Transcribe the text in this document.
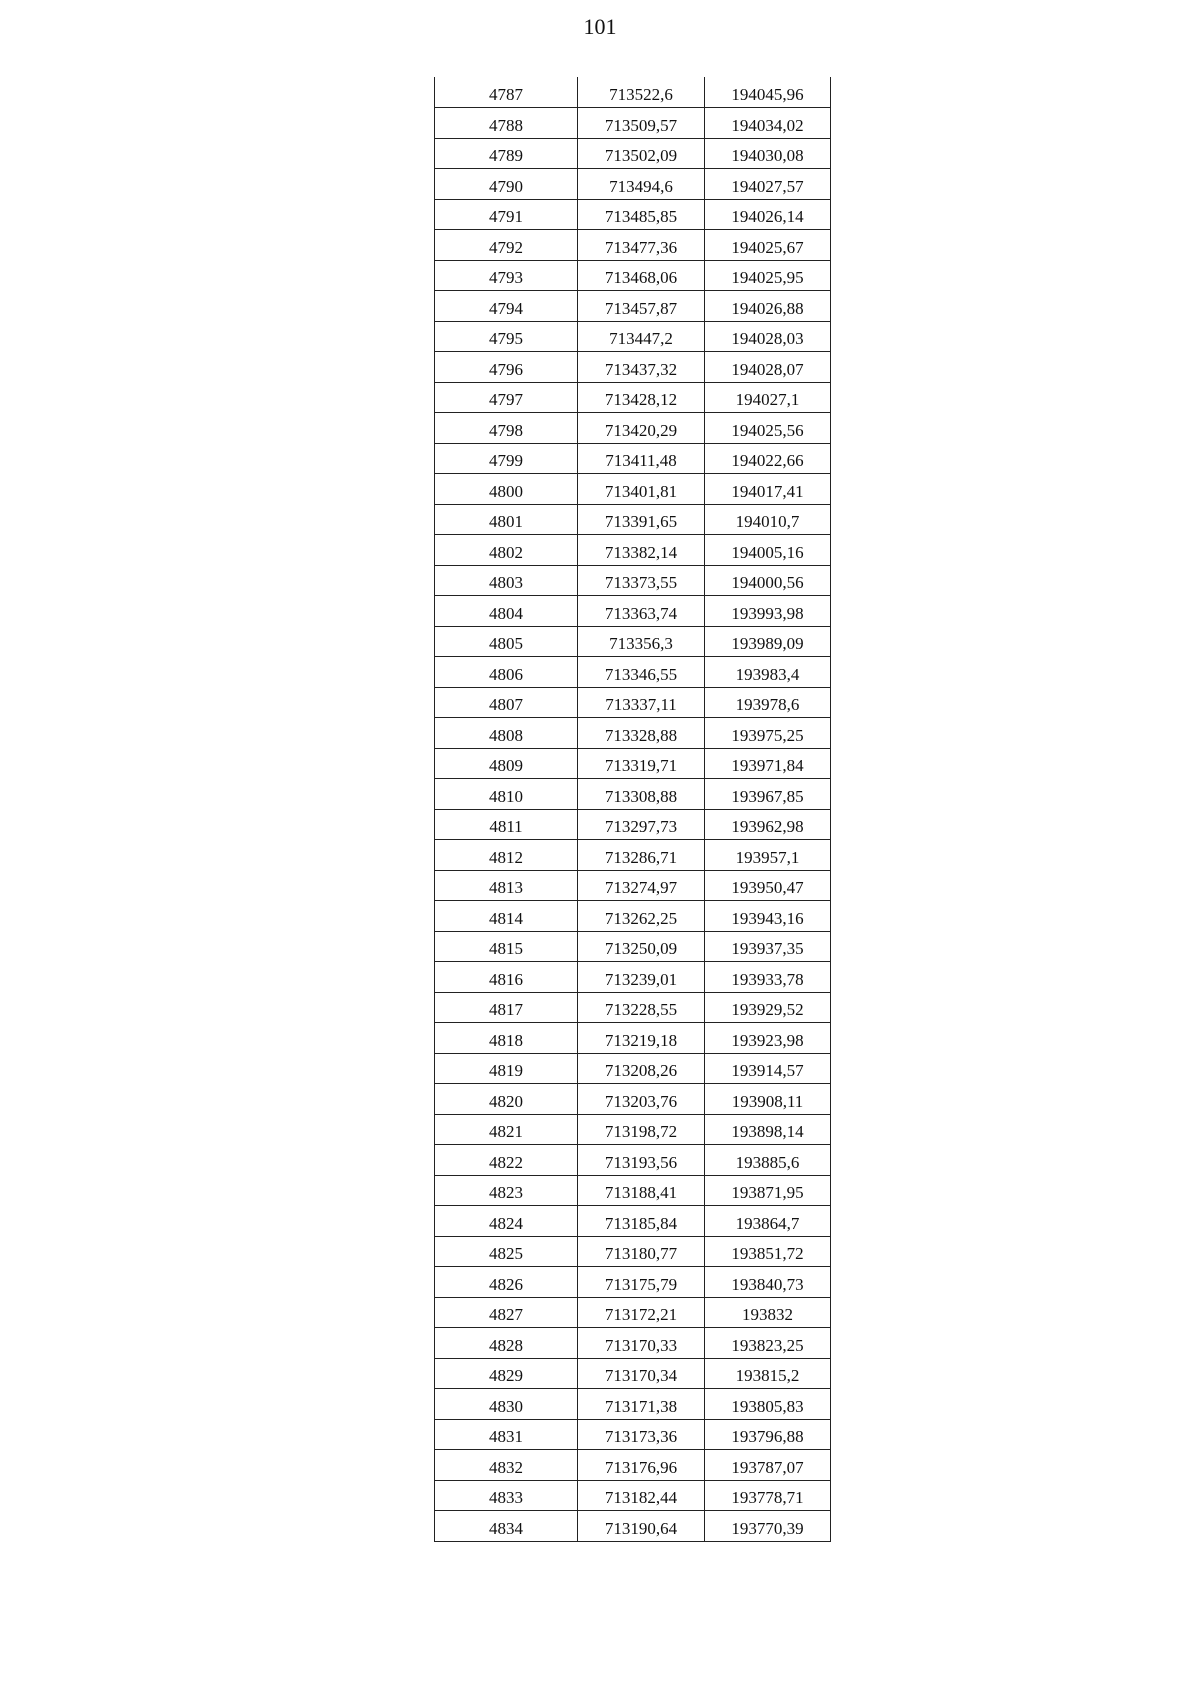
101
4787	713522,6	194045,96
4788	713509,57	194034,02
4789	713502,09	194030,08
4790	713494,6	194027,57
4791	713485,85	194026,14
4792	713477,36	194025,67
4793	713468,06	194025,95
4794	713457,87	194026,88
4795	713447,2	194028,03
4796	713437,32	194028,07
4797	713428,12	194027,1
4798	713420,29	194025,56
4799	713411,48	194022,66
4800	713401,81	194017,41
4801	713391,65	194010,7
4802	713382,14	194005,16
4803	713373,55	194000,56
4804	713363,74	193993,98
4805	713356,3	193989,09
4806	713346,55	193983,4
4807	713337,11	193978,6
4808	713328,88	193975,25
4809	713319,71	193971,84
4810	713308,88	193967,85
4811	713297,73	193962,98
4812	713286,71	193957,1
4813	713274,97	193950,47
4814	713262,25	193943,16
4815	713250,09	193937,35
4816	713239,01	193933,78
4817	713228,55	193929,52
4818	713219,18	193923,98
4819	713208,26	193914,57
4820	713203,76	193908,11
4821	713198,72	193898,14
4822	713193,56	193885,6
4823	713188,41	193871,95
4824	713185,84	193864,7
4825	713180,77	193851,72
4826	713175,79	193840,73
4827	713172,21	193832
4828	713170,33	193823,25
4829	713170,34	193815,2
4830	713171,38	193805,83
4831	713173,36	193796,88
4832	713176,96	193787,07
4833	713182,44	193778,71
4834	713190,64	193770,39
